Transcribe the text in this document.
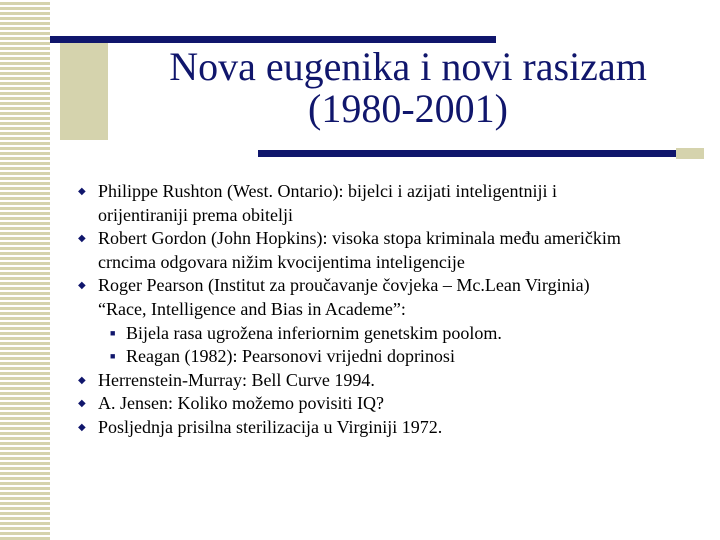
Nova eugenika i novi rasizam
(1980-2001)
◆ Philippe Rushton (West. Ontario): bijelci i azijati inteligentniji i
orijentiraniji prema obitelji
◆ Robert Gordon (John Hopkins): visoka stopa kriminala među američkim
crncima odgovara nižim kvocijentima inteligencije
◆ Roger Pearson (Institut za proučavanje čovjeka – Mc.Lean Virginia)
“Race, Intelligence and Bias in Academe”:
■ Bijela rasa ugrožena inferiornim genetskim poolom.
■ Reagan (1982): Pearsonovi vrijedni doprinosi
◆ Herrenstein-Murray: Bell Curve 1994.
◆ A. Jensen: Koliko možemo povisiti IQ?
◆ Posljednja prisilna sterilizacija u Virginiji 1972.
